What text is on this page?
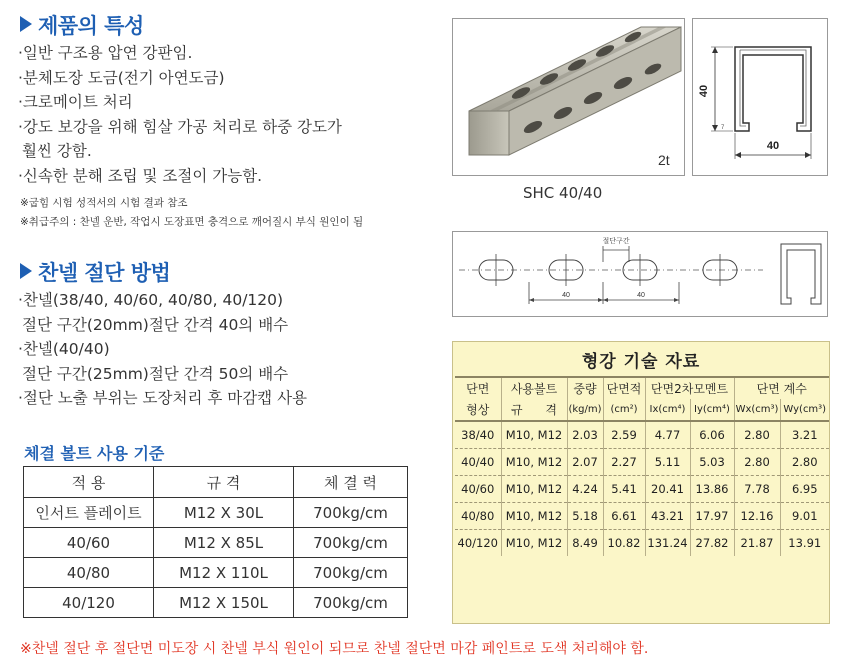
제품의 특성
·일반 구조용 압연 강판임.
·분체도장 도금(전기 아연도금)
·크로메이트 처리
·강도 보강을 위해 힘살 가공 처리로 하중 강도가
훨씬 강함.
·신속한 분해 조립 및 조절이 가능함.
※굽힘 시험 성적서의 시험 결과 참조
※취급주의 : 찬넬 운반, 작업시 도장표면 충격으로 깨어질시 부식 원인이 됨
찬넬 절단 방법
·찬넬(38/40, 40/60, 40/80, 40/120)
절단 구간(20mm)절단 간격 40의 배수
·찬넬(40/40)
절단 구간(25mm)절단 간격 50의 배수
·절단 노출 부위는 도장처리 후 마감캡 사용
체결 볼트 사용 기준
적 용	규 격	체 결 력
인서트 플레이트	M12 X 30L	700kg/cm
40/60	M12 X 85L	700kg/cm
40/80	M12 X 110L	700kg/cm
40/120	M12 X 150L	700kg/cm
2t
SHC 40/40
40
7
40
40	40
절단구간
형강 기술 자료
단면	사용볼트	중량	단면적	단면2차모멘트		단면 계수	
형상	규      격	(kg/m)	(cm²)	Ix(cm⁴)	Iy(cm⁴)	Wx(cm³)	Wy(cm³)
38/40	M10, M12	2.03	2.59	4.77	6.06	2.80	3.21
40/40	M10, M12	2.07	2.27	5.11	5.03	2.80	2.80
40/60	M10, M12	4.24	5.41	20.41	13.86	7.78	6.95
40/80	M10, M12	5.18	6.61	43.21	17.97	12.16	9.01
40/120	M10, M12	8.49	10.82	131.24	27.82	21.87	13.91
※찬넬 절단 후 절단면 미도장 시 찬넬 부식 원인이 되므로 찬넬 절단면 마감 페인트로 도색 처리해야 함.
